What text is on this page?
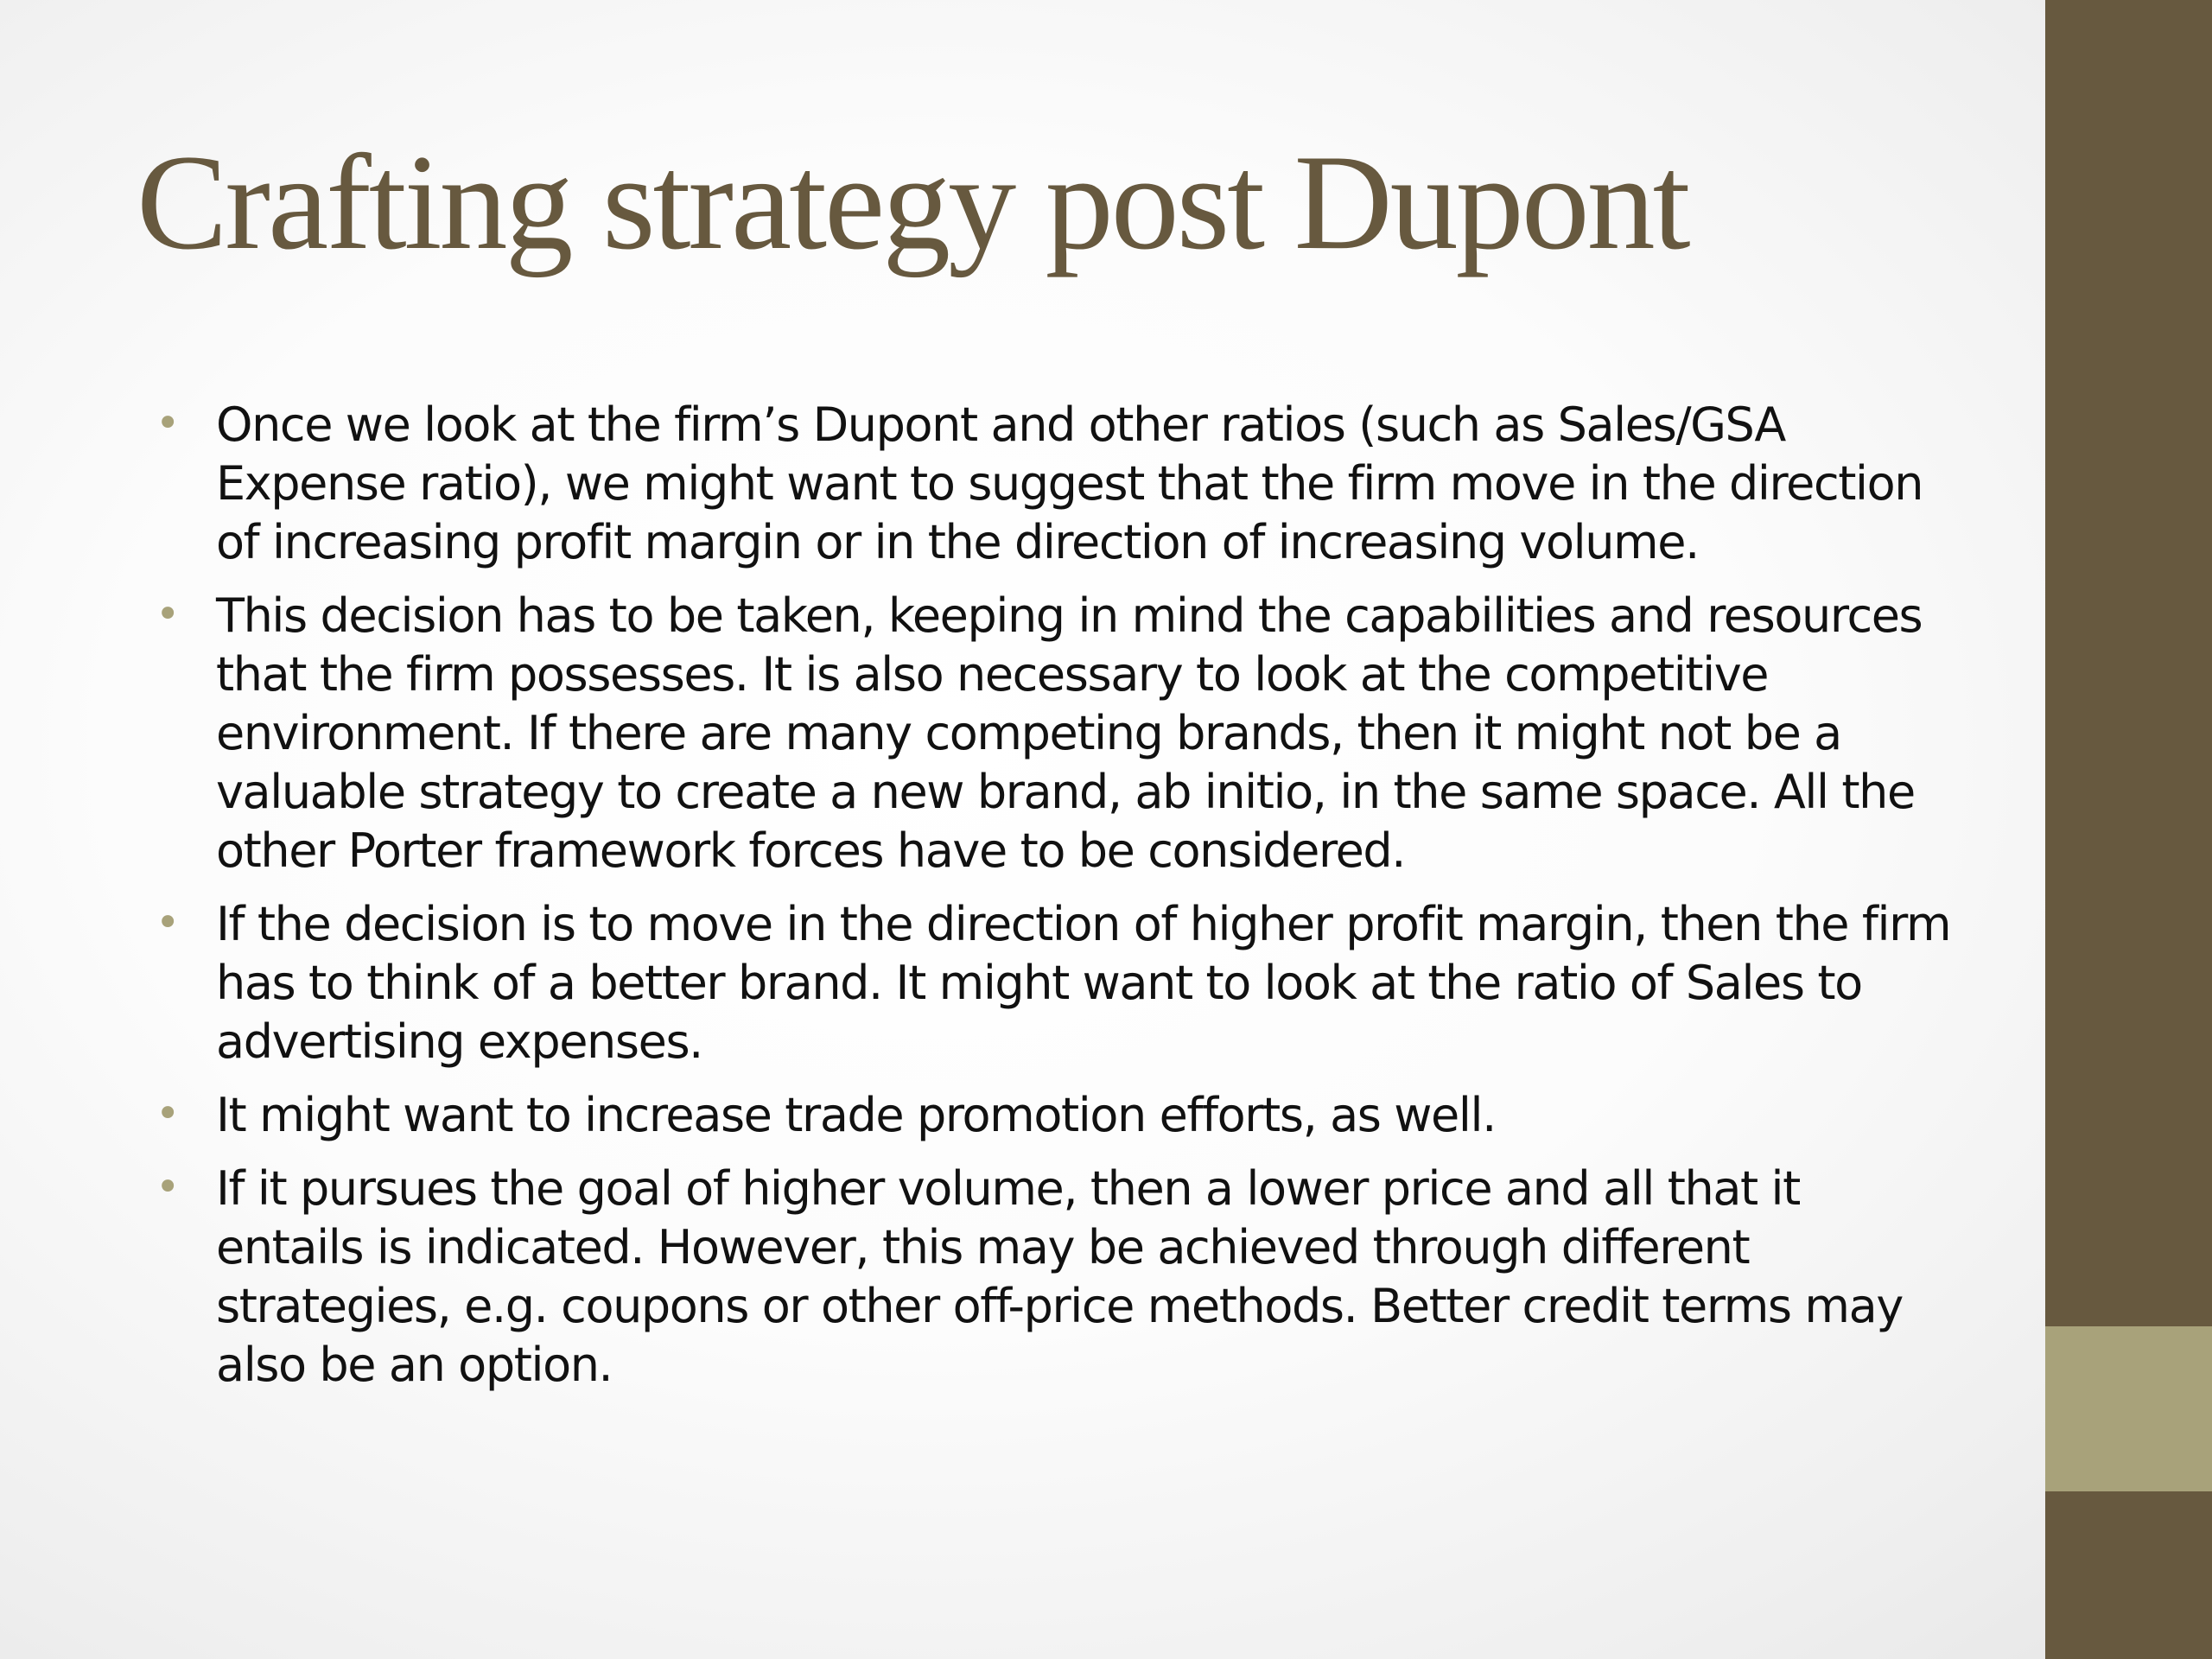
Crafting strategy post Dupont
• Once we look at the firm’s Dupont and other ratios (such as Sales/GSA Expense ratio), we might want to suggest that the firm move in the direction of increasing profit margin or in the direction of increasing volume.
• This decision has to be taken, keeping in mind the capabilities and resources that the firm possesses. It is also necessary to look at the competitive environment. If there are many competing brands, then it might not be a valuable strategy to create a new brand, ab initio, in the same space. All the other Porter framework forces have to be considered.
• If the decision is to move in the direction of higher profit margin, then the firm has to think of a better brand. It might want to look at the ratio of Sales to advertising expenses.
• It might want to increase trade promotion efforts, as well.
• If it pursues the goal of higher volume, then a lower price and all that it entails is indicated. However, this may be achieved through different strategies, e.g. coupons or other off-price methods. Better credit terms may also be an option.
